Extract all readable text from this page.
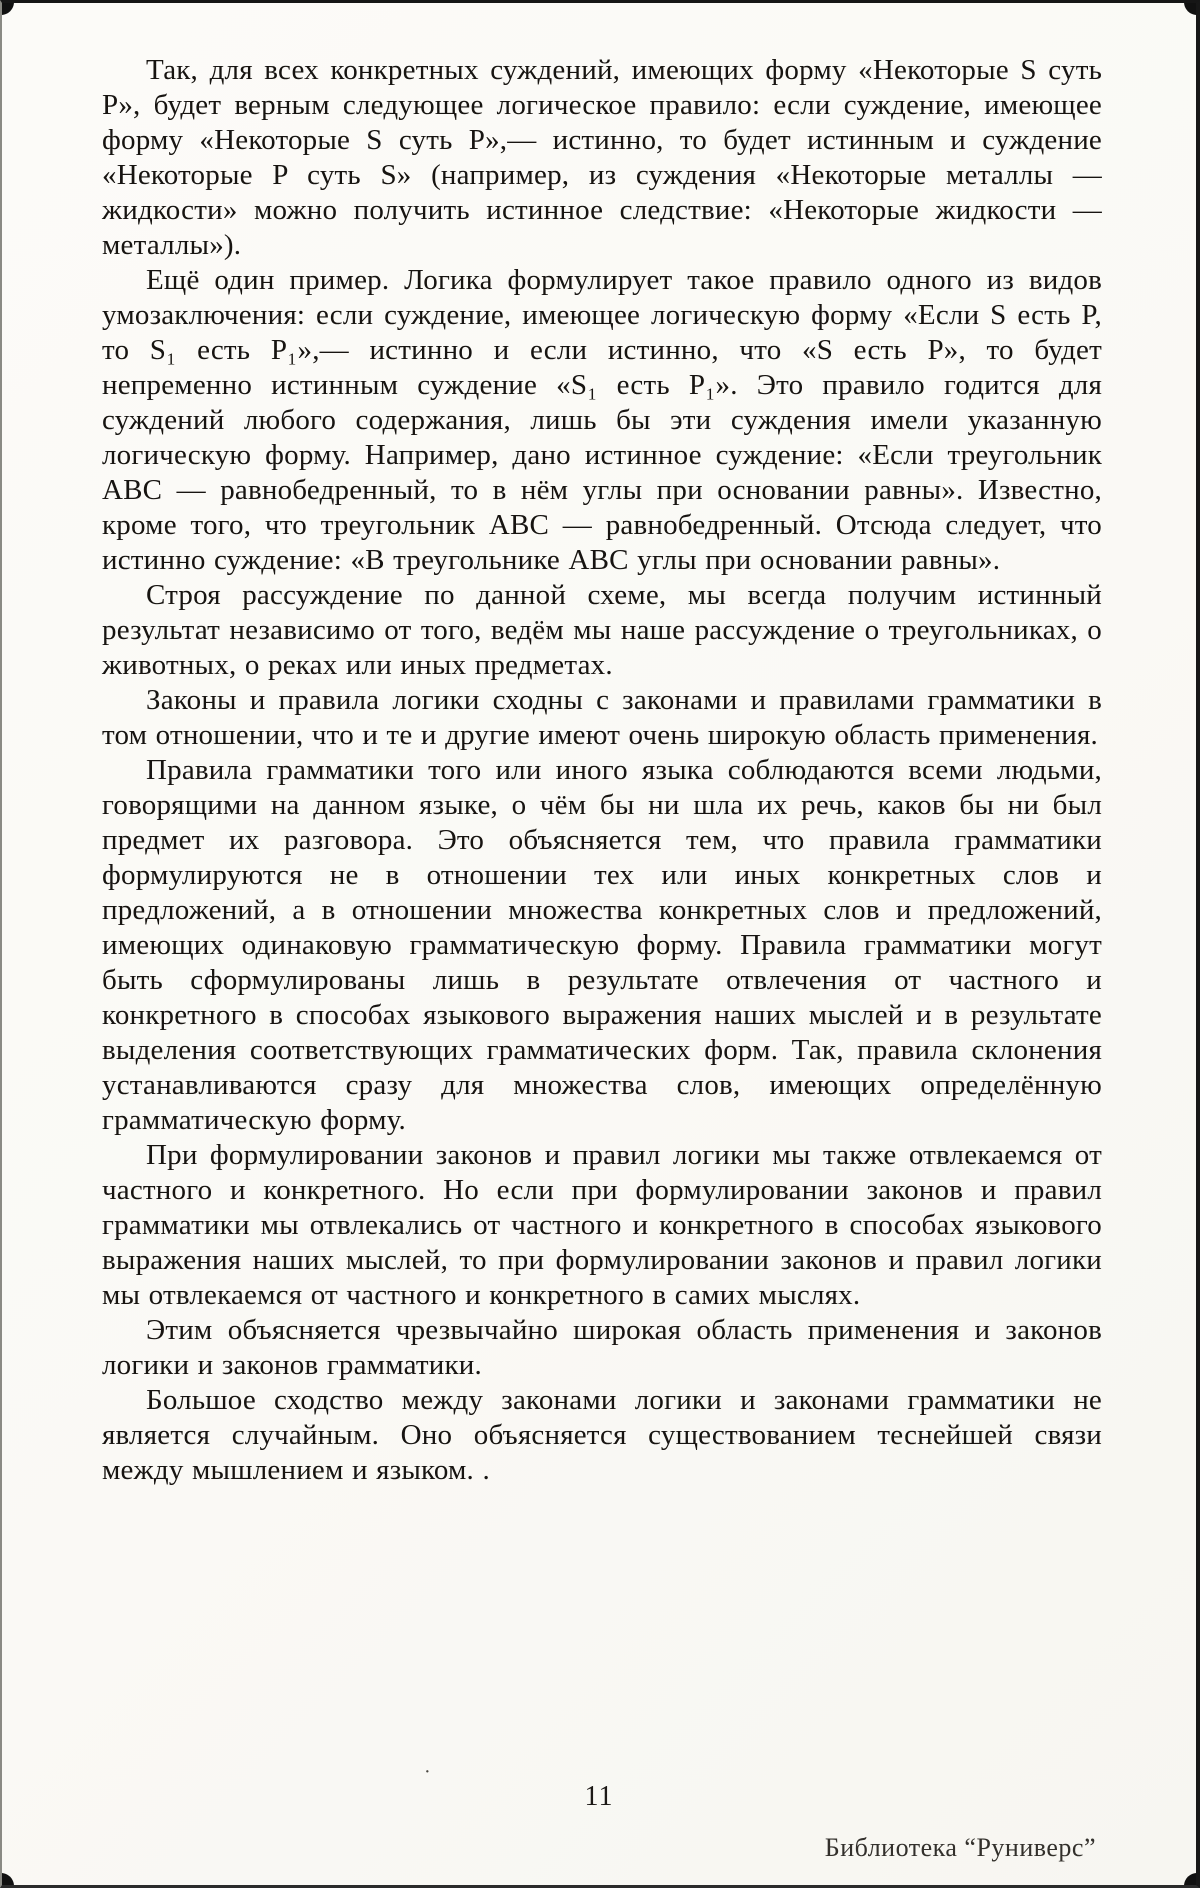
Так, для всех конкретных суждений, имеющих форму «Некоторые S суть P», будет верным следующее логическое правило: если суждение, имеющее форму «Некоторые S суть P»,— истинно, то будет истинным и суждение «Некоторые P суть S» (например, из суждения «Некоторые металлы — жидкости» можно получить истинное следствие: «Некоторые жидкости — металлы»).

Ещё один пример. Логика формулирует такое правило одного из видов умозаключения: если суждение, имеющее логическую форму «Если S есть P, то S₁ есть P₁»,— истинно и если истинно, что «S есть P», то будет непременно истинным суждение «S₁ есть P₁». Это правило годится для суждений любого содержания, лишь бы эти суждения имели указанную логическую форму. Например, дано истинное суждение: «Если треугольник ABC — равнобедренный, то в нём углы при основании равны». Известно, кроме того, что треугольник ABC — равнобедренный. Отсюда следует, что истинно суждение: «В треугольнике ABC углы при основании равны».

Строя рассуждение по данной схеме, мы всегда получим истинный результат независимо от того, ведём мы наше рассуждение о треугольниках, о животных, о реках или иных предметах.

Законы и правила логики сходны с законами и правилами грамматики в том отношении, что и те и другие имеют очень широкую область применения.

Правила грамматики того или иного языка соблюдаются всеми людьми, говорящими на данном языке, о чём бы ни шла их речь, каков бы ни был предмет их разговора. Это объясняется тем, что правила грамматики формулируются не в отношении тех или иных конкретных слов и предложений, а в отношении множества конкретных слов и предложений, имеющих одинаковую грамматическую форму. Правила грамматики могут быть сформулированы лишь в результате отвлечения от частного и конкретного в способах языкового выражения наших мыслей и в результате выделения соответствующих грамматических форм. Так, правила склонения устанавливаются сразу для множества слов, имеющих определённую грамматическую форму.

При формулировании законов и правил логики мы также отвлекаемся от частного и конкретного. Но если при формулировании законов и правил грамматики мы отвлекались от частного и конкретного в способах языкового выражения наших мыслей, то при формулировании законов и правил логики мы отвлекаемся от частного и конкретного в самих мыслях.

Этим объясняется чрезвычайно широкая область применения и законов логики и законов грамматики.

Большое сходство между законами логики и законами грамматики не является случайным. Оно объясняется существованием теснейшей связи между мышлением и языком. .

·
11
Библиотека “Руниверс”
